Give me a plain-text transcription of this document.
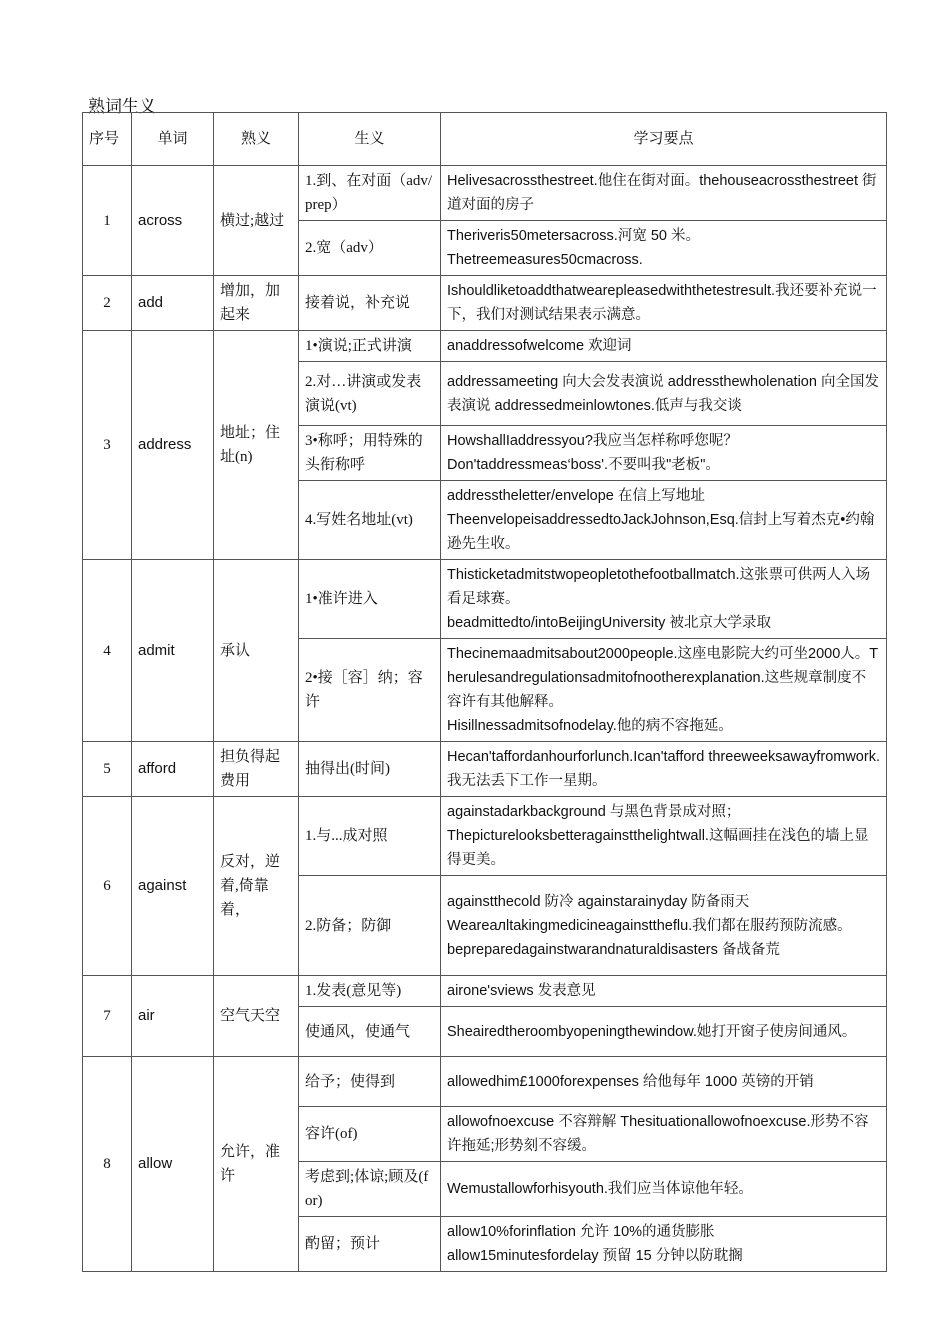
熟词生义
序号	单词	熟义	生义	学习要点
1	across	横过;越过	1.到、在对面（adv/prep）	Helivesacrossthestreet.他住在街对面。thehouseacrossthestreet 街道对面的房子

			2.宽（adv）	Theriveris50metersacross.河宽 50 米。
Thetreemeasures50cmacross.

2	add	增加，加起来	接着说，补充说	Ishouldliketoaddthatwearepleasedwiththetestresult.我还要补充说一下，我们对测试结果表示满意。

3	address	地址；住址(n)	1•演说;正式讲演	anaddressofwelcome 欢迎词

			2.对…讲演或发表演说(vt)	addressameeting 向大会发表演说 addressthewholenation 向全国发表演说 addressedmeinlowtones.低声与我交谈

			3•称呼；用特殊的头衔称呼	HowshallIaddressyou?我应当怎样称呼您呢？
Don'taddressmeas‘boss'.不要叫我"老板"。

			4.写姓名地址(vt)	addresstheletter/envelope 在信上写地址
TheenvelopeisaddressedtoJackJohnson,Esq.信封上写着杰克•约翰逊先生收。

4	admit	承认	1•准许进入	Thisticketadmitstwopeopletothefootballmatch.这张票可供两人入场看足球赛。
beadmittedto/intoBeijingUniversity 被北京大学录取

			2•接［容］纳；容许	Thecinemaadmitsabout2000people.这座电影院大约可坐2000人。Therulesandregulationsadmitofnootherexplanation.这些规章制度不容许有其他解释。
Hisillnessadmitsofnodelay.他的病不容拖延。

5	afford	担负得起费用	抽得出(时间)	Hecan'taffordanhourforlunch.Ican'tafford threeweeksawayfromwork.我无法丢下工作一星期。

6	against	反对，逆着,倚靠着，	1.与...成对照	againstadarkbackground 与黑色背景成对照；
Thepicturelooksbetteragainstthelightwall.这幅画挂在浅色的墙上显得更美。

			2.防备；防御	againstthecold 防冷 againstarainyday 防备雨天
Weareалltakingmedicineagainsttheflu.我们都在服药预防流感。
bepreparedagainstwarandnaturaldisasters 备战备荒

7	air	空气天空	1.发表(意见等)	airone'sviews 发表意见

			使通风，使通气	Sheairedtheroombyopeningthewindow.她打开窗子使房间通风。

8	allow	允许，准许	给予；使得到	allowedhim£1000forexpenses 给他每年 1000 英镑的开销

			容许(of)	allowofnoexcuse 不容辩解 Thesituationallowofnoexcuse.形势不容许拖延;形势刻不容缓。

			考虑到;体谅;顾及(for)	Wemustallowforhisyouth.我们应当体谅他年轻。

			酌留；预计	allow10%forinflation 允许 10%的通货膨胀
allow15minutesfordelay 预留 15 分钟以防耽搁
